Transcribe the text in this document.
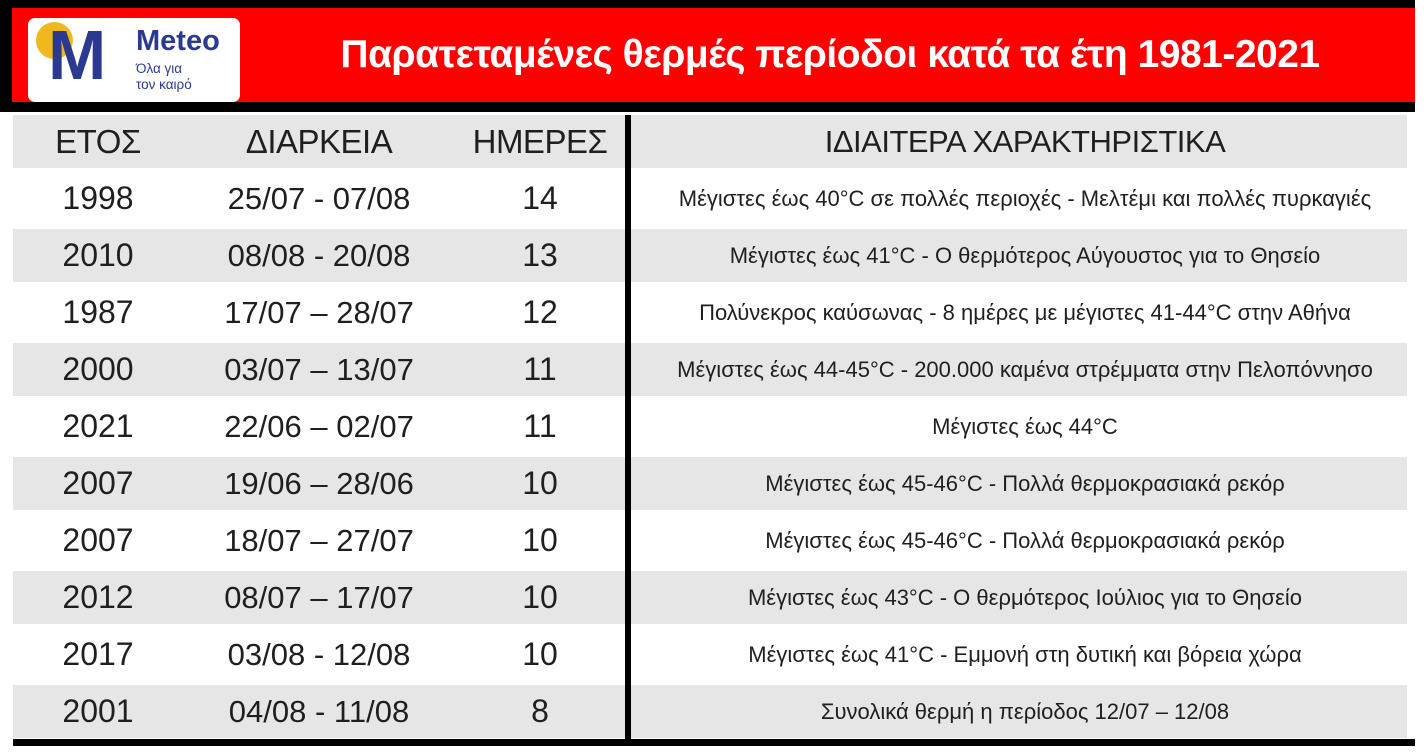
M Meteo
Όλα για
τον καιρό
Παρατεταμένες θερμές περίοδοι κατά τα έτη 1981-2021
ΕΤΟΣ	ΔΙΑΡΚΕΙΑ	ΗΜΕΡΕΣ	ΙΔΙΑΙΤΕΡΑ ΧΑΡΑΚΤΗΡΙΣΤΙΚΑ
1998	25/07 - 07/08	14	Μέγιστες έως 40°C σε πολλές περιοχές - Μελτέμι και πολλές πυρκαγιές
2010	08/08 - 20/08	13	Μέγιστες έως 41°C - Ο θερμότερος Αύγουστος για το Θησείο
1987	17/07 – 28/07	12	Πολύνεκρος καύσωνας - 8 ημέρες με μέγιστες 41-44°C στην Αθήνα
2000	03/07 – 13/07	11	Μέγιστες έως 44-45°C - 200.000 καμένα στρέμματα στην Πελοπόννησο
2021	22/06 – 02/07	11	Μέγιστες έως 44°C
2007	19/06 – 28/06	10	Μέγιστες έως 45-46°C - Πολλά θερμοκρασιακά ρεκόρ
2007	18/07 – 27/07	10	Μέγιστες έως 45-46°C - Πολλά θερμοκρασιακά ρεκόρ
2012	08/07 – 17/07	10	Μέγιστες έως 43°C - Ο θερμότερος Ιούλιος για το Θησείο
2017	03/08 - 12/08	10	Μέγιστες έως 41°C - Εμμονή στη δυτική και βόρεια χώρα
2001	04/08 - 11/08	8	Συνολικά θερμή η περίοδος 12/07 – 12/08
